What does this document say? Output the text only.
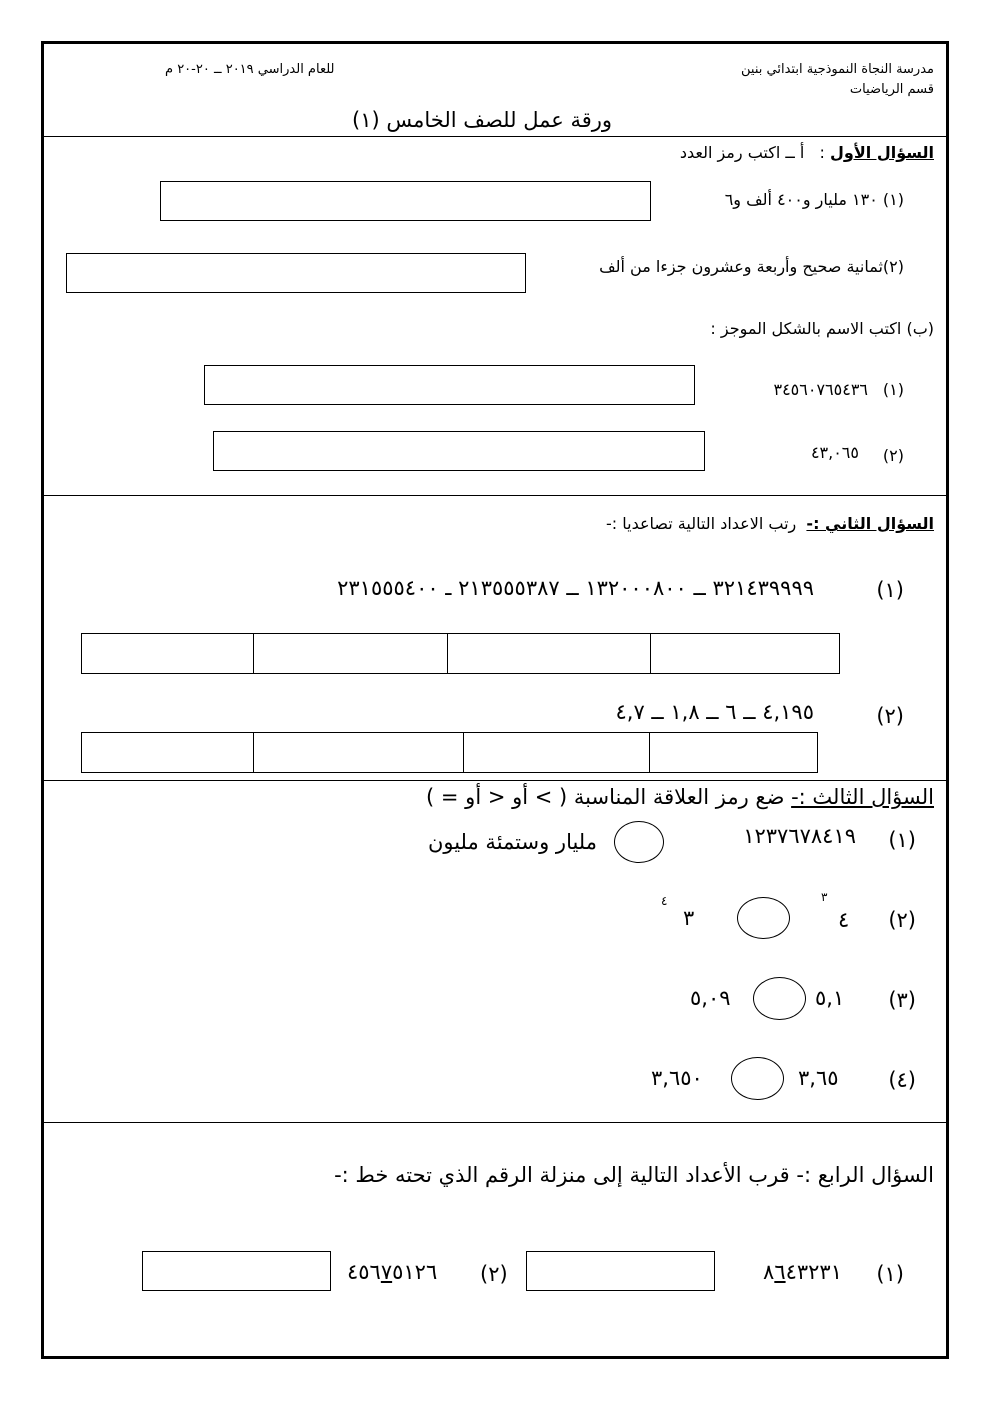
مدرسة النجاة النموذجية ابتدائي بنين
قسم الرياضيات
للعام الدراسي ٢٠١٩ ــ ٢٠-٢٠ م
ورقة عمل للصف الخامس (١)
السؤال الأول :   أ ــ اكتب رمز العدد
(١) ١٣٠ مليار و٤٠٠ ألف و٦
(٢)ثمانية صحيح وأربعة وعشرون جزءا من ألف
(ب) اكتب الاسم بالشكل الموجز :
(١)
٣٤٥٦٠٧٦٥٤٣٦
(٢)
٤٣,٠٦٥
السؤال الثاني :-  رتب الاعداد التالية تصاعديا :-
(١)
٣٢١٤٣٩٩٩٩ ــ ١٣٢٠٠٠٨٠٠ ــ ٢١٣٥٥٥٣٨٧ ـ ٢٣١٥٥٥٤٠٠
(٢)
٤,١٩٥ ــ ٦ ــ ١,٨ ــ ٤,٧
السؤال الثالث :- ضع رمز العلاقة المناسبة ( > أو < أو = )
(١)
١٢٣٧٦٧٨٤١٩
مليار وستمئة مليون
(٢)
٤
٣
٣
٤
(٣)
٥,١
٥,٠٩
(٤)
٣,٦٥
٣,٦٥٠
السؤال الرابع :- قرب الأعداد التالية إلى منزلة الرقم الذي تحته خط :-
(١)
٨٦٤٣٢٣١
(٢)
٤٥٦٧٥١٢٦
